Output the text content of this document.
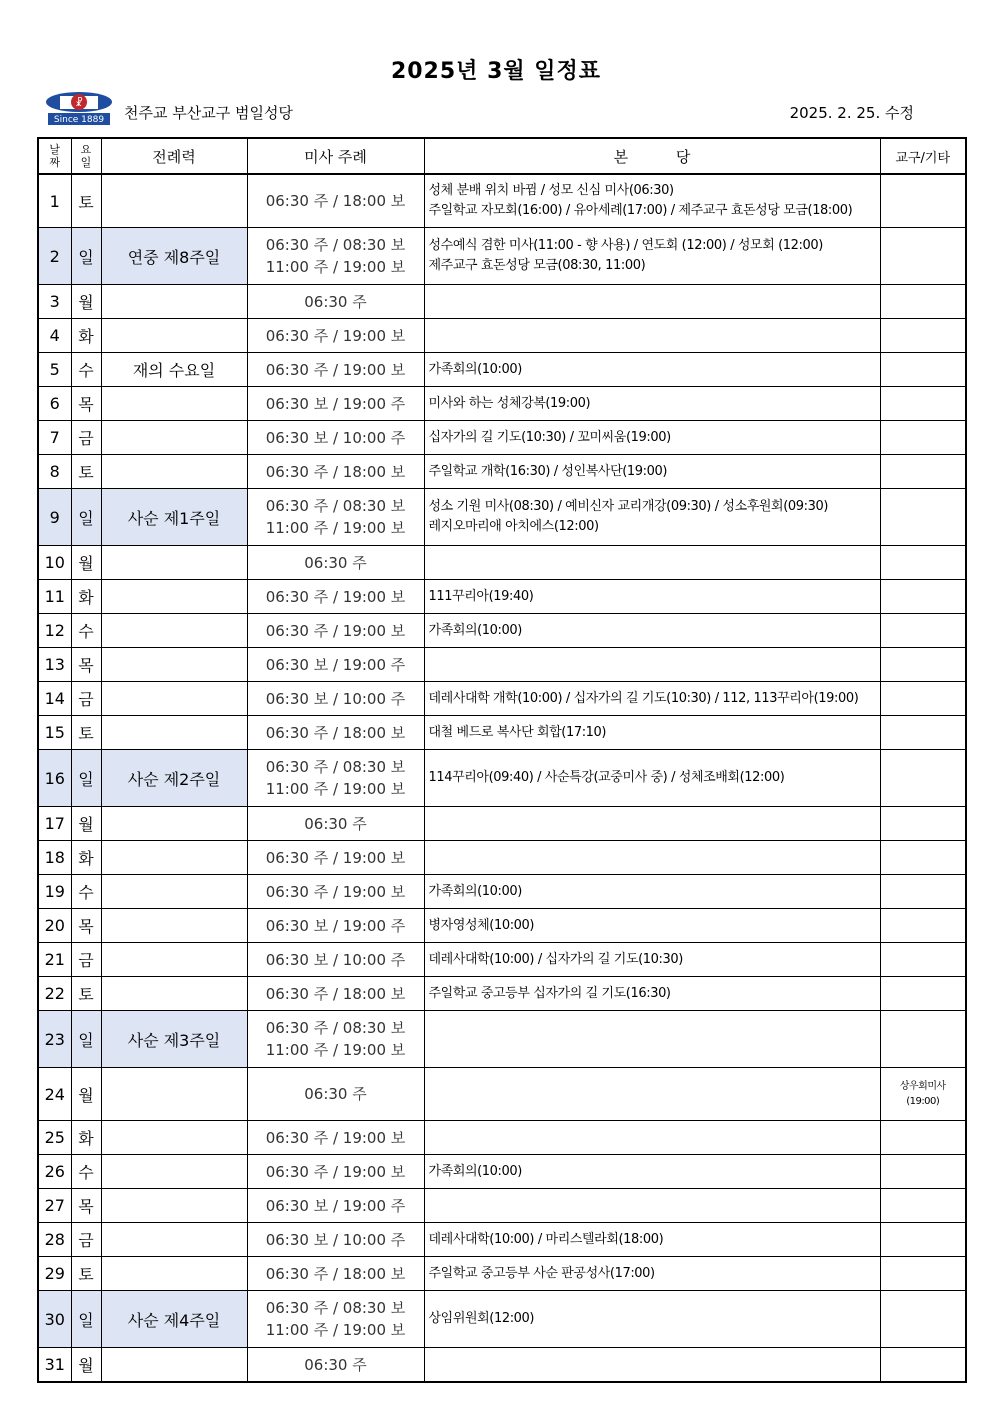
2025년 3월 일정표
☧
Since 1889 천주교 부산교구 범일성당	2025. 2. 25. 수정
날
짜	요
일	전례력	미사 주례	본          당	교구/기타
1	토		06:30 주 / 18:00 보	성체 분배 위치 바뀜 / 성모 신심 미사(06:30)
주일학교 자모회(16:00) / 유아세례(17:00) / 제주교구 효돈성당 모금(18:00)	
2	일	연중 제8주일	06:30 주 / 08:30 보
11:00 주 / 19:00 보	성수예식 겸한 미사(11:00 - 향 사용) / 연도회 (12:00) / 성모회 (12:00)
제주교구 효돈성당 모금(08:30, 11:00)	
3	월		06:30 주		
4	화		06:30 주 / 19:00 보		
5	수	재의 수요일	06:30 주 / 19:00 보	가족회의(10:00)	
6	목		06:30 보 / 19:00 주	미사와 하는 성체강복(19:00)	
7	금		06:30 보 / 10:00 주	십자가의 길 기도(10:30) / 꼬미씨움(19:00)	
8	토		06:30 주 / 18:00 보	주일학교 개학(16:30) / 성인복사단(19:00)	
9	일	사순 제1주일	06:30 주 / 08:30 보
11:00 주 / 19:00 보	성소 기원 미사(08:30) / 예비신자 교리개강(09:30) / 성소후원회(09:30)
레지오마리애 아치에스(12:00)	
10	월		06:30 주		
11	화		06:30 주 / 19:00 보	111꾸리아(19:40)	
12	수		06:30 주 / 19:00 보	가족회의(10:00)	
13	목		06:30 보 / 19:00 주		
14	금		06:30 보 / 10:00 주	데레사대학 개학(10:00) / 십자가의 길 기도(10:30) / 112, 113꾸리아(19:00)	
15	토		06:30 주 / 18:00 보	대철 베드로 복사단 회합(17:10)	
16	일	사순 제2주일	06:30 주 / 08:30 보
11:00 주 / 19:00 보	114꾸리아(09:40) / 사순특강(교중미사 중) / 성체조배회(12:00)	
17	월		06:30 주		
18	화		06:30 주 / 19:00 보		
19	수		06:30 주 / 19:00 보	가족회의(10:00)	
20	목		06:30 보 / 19:00 주	병자영성체(10:00)	
21	금		06:30 보 / 10:00 주	데레사대학(10:00) / 십자가의 길 기도(10:30)	
22	토		06:30 주 / 18:00 보	주일학교 중고등부 십자가의 길 기도(16:30)	
23	일	사순 제3주일	06:30 주 / 08:30 보
11:00 주 / 19:00 보		
24	월		06:30 주		상우회미사
(19:00)
25	화		06:30 주 / 19:00 보		
26	수		06:30 주 / 19:00 보	가족회의(10:00)	
27	목		06:30 보 / 19:00 주		
28	금		06:30 보 / 10:00 주	데레사대학(10:00) / 마리스텔라회(18:00)	
29	토		06:30 주 / 18:00 보	주일학교 중고등부 사순 판공성사(17:00)	
30	일	사순 제4주일	06:30 주 / 08:30 보
11:00 주 / 19:00 보	상임위원회(12:00)	
31	월		06:30 주		
